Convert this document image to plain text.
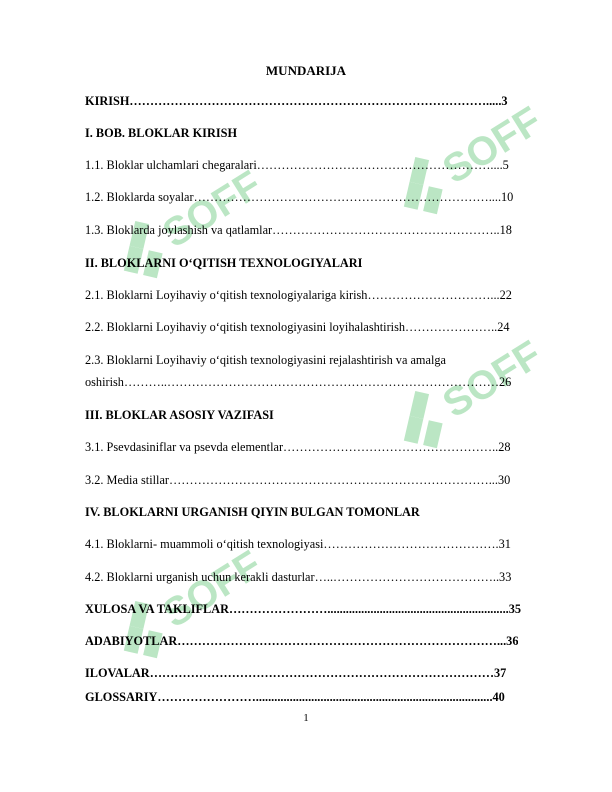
SOFF
SOFF
SOFF
SOFF
MUNDARIJA
KIRISH…………………………………………………………………………….....3
I. BOB. BLOKLAR KIRISH
1.1. Bloklar ulchamlari chegaralari…………………………………………………....5
1.2. Bloklarda soyalar………………………………………………………………....10
1.3. Bloklarda joylashish va qatlamlar………………………………………………..18
II. BLOKLARNI O‘QITISH TEXNOLOGIYALARI
2.1. Bloklarni Loyihaviy o‘qitish texnologiyalariga kirish…………………………...22
2.2. Bloklarni Loyihaviy o‘qitish texnologiyasini loyihalashtirish…………………..24
2.3. Bloklarni Loyihaviy o‘qitish texnologiyasini rejalashtirish va amalga
oshirish………..………………………………………………………………………26
III. BLOKLAR ASOSIY VAZIFASI
3.1. Psevdasiniflar va psevda elementlar……………………………………………..28
3.2. Media stillar……………………………………………………………………...30
IV. BLOKLARNI URGANISH QIYIN BULGAN TOMONLAR
4.1. Bloklarni- muammoli o‘qitish texnologiyasi…………………………………….31
4.2. Bloklarni urganish uchun kerakli dasturlar…..…………………………………..33
XULOSA VA TAKLIFLAR……………………...........................................................35
ADABIYOTLAR……………………………………………………………………...36
ILOVALAR…………………………………………………………………………37
GLOSSARIY…………………….............................................................................40
1
